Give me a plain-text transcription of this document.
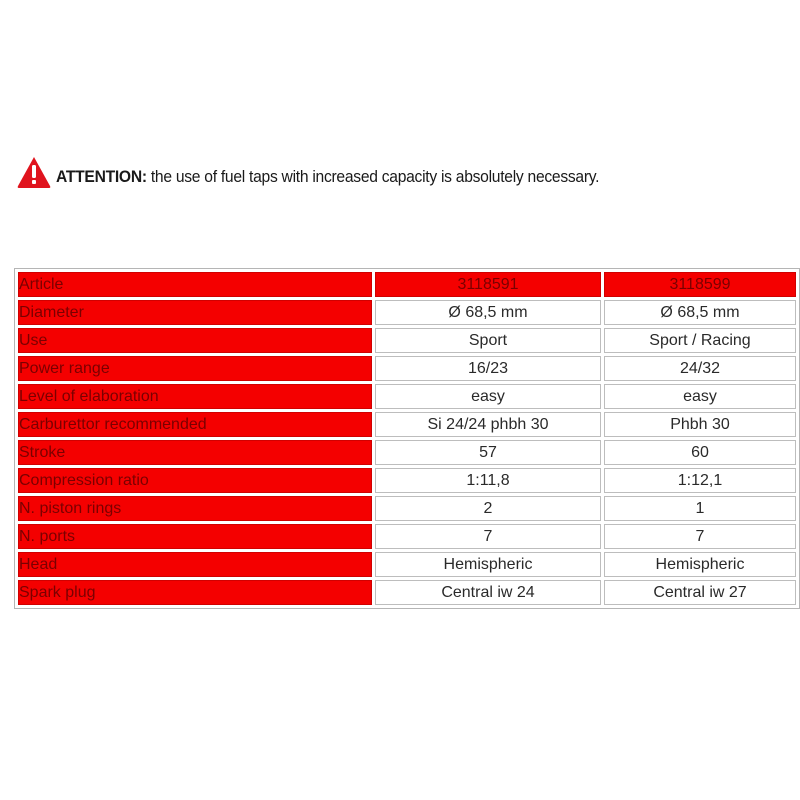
ATTENTION: the use of fuel taps with increased capacity is absolutely necessary.
Article	3118591	3118599
Diameter	Ø 68,5 mm	Ø 68,5 mm
Use	Sport	Sport / Racing
Power range	16/23	24/32
Level of elaboration	easy	easy
Carburettor recommended	Si 24/24 phbh 30	Phbh 30
Stroke	57	60
Compression ratio	1:11,8	1:12,1
N. piston rings	2	1
N. ports	7	7
Head	Hemispheric	Hemispheric
Spark plug	Central iw 24	Central iw 27
